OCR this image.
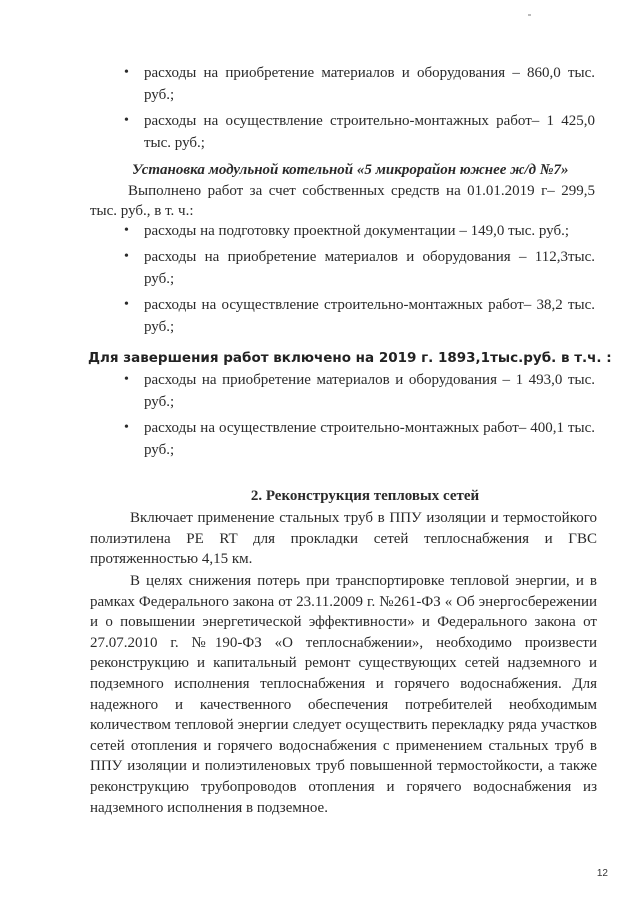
• расходы на приобретение материалов и оборудования – 860,0 тыс. руб.;
• расходы на осуществление строительно-монтажных работ– 1 425,0 тыс. руб.;
Установка модульной котельной «5 микрорайон южнее ж/д №7»
Выполнено работ за счет собственных средств на 01.01.2019 г– 299,5 тыс. руб., в т. ч.:
• расходы на подготовку проектной документации – 149,0 тыс. руб.;
• расходы на приобретение материалов и оборудования – 112,3тыс. руб.;
• расходы на осуществление строительно-монтажных работ– 38,2 тыс. руб.;
Для завершения работ включено на 2019 г. 1893,1тыс.руб. в т.ч. :
• расходы на приобретение материалов и оборудования – 1 493,0 тыс. руб.;
• расходы на осуществление строительно-монтажных работ– 400,1 тыс. руб.;
2. Реконструкция тепловых сетей
Включает применение стальных труб в ППУ изоляции и термостойкого полиэтилена PE RT для прокладки сетей теплоснабжения и ГВС протяженностью 4,15 км.
В целях снижения потерь при транспортировке тепловой энергии, и в рамках Федерального закона от 23.11.2009 г. №261-ФЗ « Об энергосбережении и о повышении энергетической эффективности» и Федерального закона от 27.07.2010 г. №190-ФЗ «О теплоснабжении», необходимо произвести реконструкцию и капитальный ремонт существующих сетей надземного и подземного исполнения теплоснабжения и горячего водоснабжения. Для надежного и качественного обеспечения потребителей необходимым количеством тепловой энергии следует осуществить перекладку ряда участков сетей отопления и горячего водоснабжения с применением стальных труб в ППУ изоляции и полиэтиленовых труб повышенной термостойкости, а также реконструкцию трубопроводов отопления и горячего водоснабжения из надземного исполнения в подземное.
12
